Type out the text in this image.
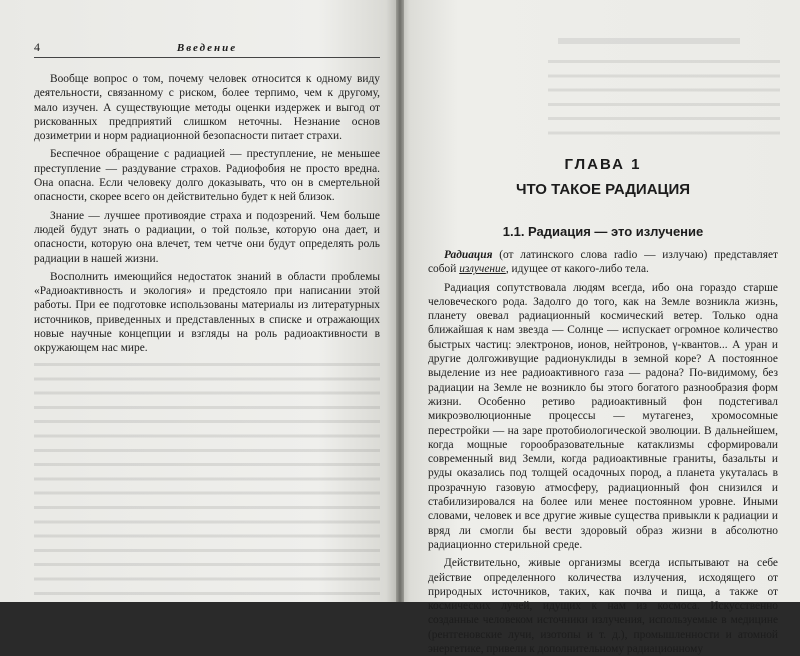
4	Введение

Вообще вопрос о том, почему человек относится к одному виду деятельности, связанному с риском, более терпимо, чем к другому, мало изучен. А существующие методы оценки издержек и выгод от рискованных предприятий слишком неточны. Незнание основ дозиметрии и норм радиационной безопасности питает страхи.

Беспечное обращение с радиацией — преступление, не меньшее преступление — раздувание страхов. Радиофобия не просто вредна. Она опасна. Если человеку долго доказывать, что он в смертельной опасности, скорее всего он действительно будет к ней близок.

Знание — лучшее противоядие страха и подозрений. Чем больше людей будут знать о радиации, о той пользе, которую она дает, и опасности, которую она влечет, тем четче они будут определять роль радиации в нашей жизни.

Восполнить имеющийся недостаток знаний в области проблемы «Радиоактивность и экология» и предстояло при написании этой работы. При ее подготовке использованы материалы из литературных источников, приведенных и представленных в списке и отражающих новые научные концепции и взгляды на роль радиоактивности в окружающем нас мире.

ГЛАВА 1
ЧТО ТАКОЕ РАДИАЦИЯ
1.1. Радиация — это излучение

Радиация (от латинского слова radio — излучаю) представляет собой излучение, идущее от какого-либо тела.

Радиация сопутствовала людям всегда, ибо она гораздо старше человеческого рода. Задолго до того, как на Земле возникла жизнь, планету овевал радиационный космический ветер. Только одна ближайшая к нам звезда — Солнце — испускает огромное количество быстрых частиц: электронов, ионов, нейтронов, γ-квантов... А уран и другие долгоживущие радионуклиды в земной коре? А постоянное выделение из нее радиоактивного газа — радона? По-видимому, без радиации на Земле не возникло бы этого богатого разнообразия форм жизни. Особенно ретиво радиоактивный фон подстегивал микроэволюционные процессы — мутагенез, хромосомные перестройки — на заре протобиологической эволюции. В дальнейшем, когда мощные горообразовательные катаклизмы сформировали современный вид Земли, когда радиоактивные граниты, базальты и руды оказались под толщей осадочных пород, а планета укуталась в прозрачную газовую атмосферу, радиационный фон снизился и стабилизировался на более или менее постоянном уровне. Иными словами, человек и все другие живые существа привыкли к радиации и вряд ли смогли бы вести здоровый образ жизни в абсолютно радиационно стерильной среде.

Действительно, живые организмы всегда испытывают на себе действие определенного количества излучения, исходящего от природных источников, таких, как почва и пища, а также от космических лучей, идущих к нам из космоса. Искусственно созданные человеком источники излучения, используемые в медицине (рентгеновские лучи, изотопы и т. д.), промышленности и атомной энергетике, привели к дополнительному радиационному
